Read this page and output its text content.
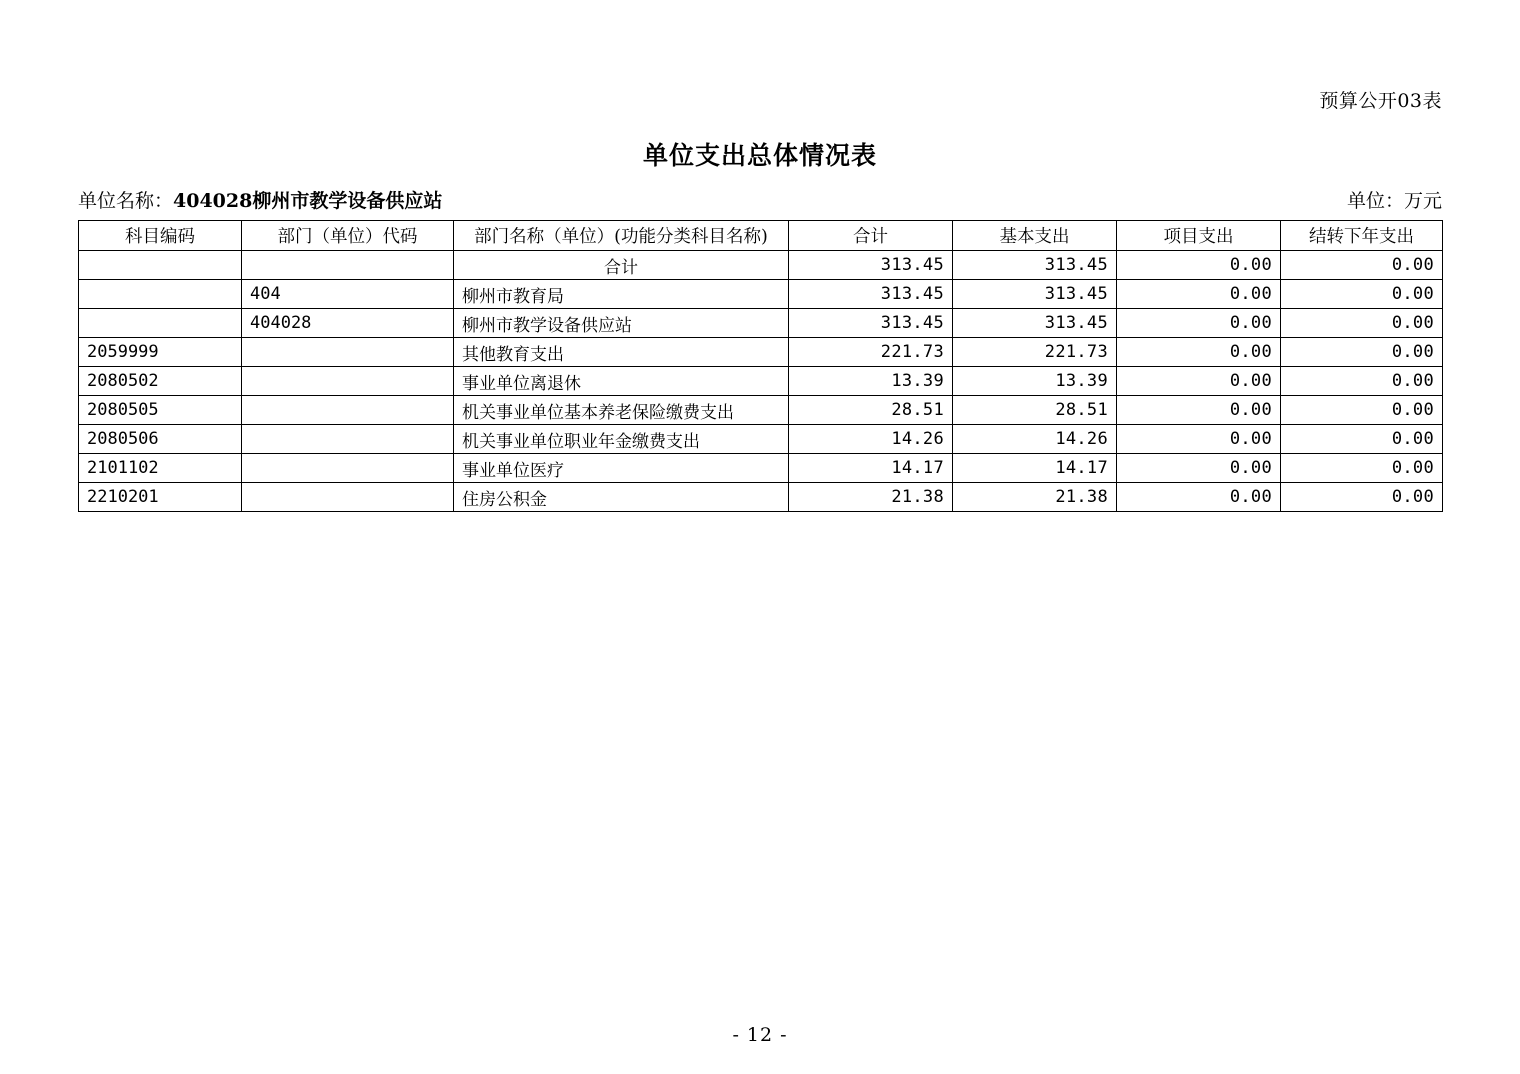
预算公开03表
单位支出总体情况表
单位名称：404028柳州市教学设备供应站	单位：万元
科目编码	部门（单位）代码	部门名称（单位）(功能分类科目名称)	合计	基本支出	项目支出	结转下年支出
		合计	313.45	313.45	0.00	0.00
	404	柳州市教育局	313.45	313.45	0.00	0.00
	404028	柳州市教学设备供应站	313.45	313.45	0.00	0.00
2059999		其他教育支出	221.73	221.73	0.00	0.00
2080502		事业单位离退休	13.39	13.39	0.00	0.00
2080505		机关事业单位基本养老保险缴费支出	28.51	28.51	0.00	0.00
2080506		机关事业单位职业年金缴费支出	14.26	14.26	0.00	0.00
2101102		事业单位医疗	14.17	14.17	0.00	0.00
2210201		住房公积金	21.38	21.38	0.00	0.00
- 12 -
